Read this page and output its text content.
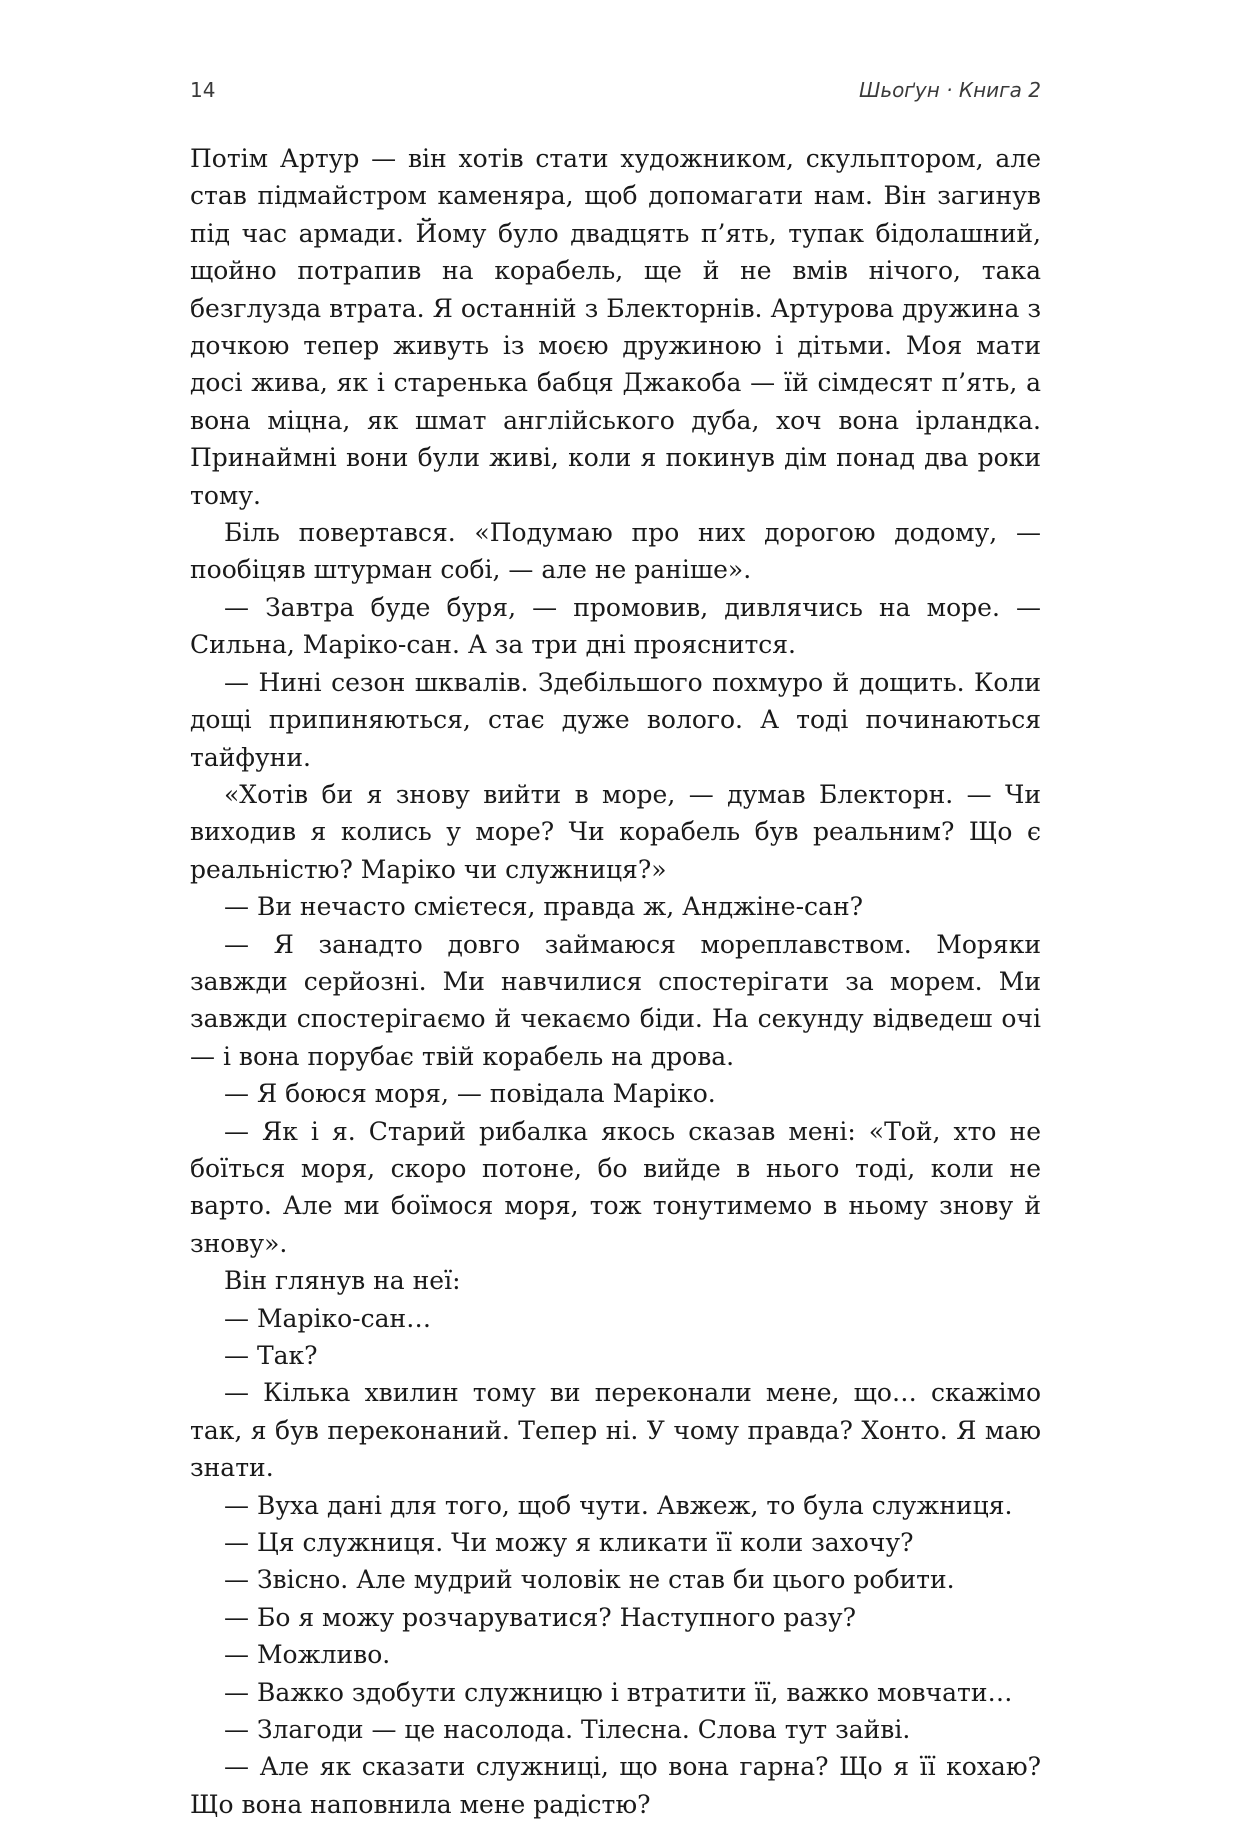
14	Шьоґун · Книга 2

Потім Артур — він хотів стати художником, скульптором, але став підмайстром каменяра, щоб допомагати нам. Він загинув під час армади. Йому було двадцять п’ять, тупак бідолашний, щойно потрапив на корабель, ще й не вмів нічого, така безглузда втрата. Я останній з Блекторнів. Артурова дружина з дочкою тепер живуть із моєю дружиною і дітьми. Моя мати досі жива, як і старенька бабця Джакоба — їй сімдесят п’ять, а вона міцна, як шмат англійського дуба, хоч вона ірландка. Принаймні вони були живі, коли я покинув дім понад два роки тому.

Біль повертався. «Подумаю про них дорогою додому, — пообіцяв штурман собі, — але не раніше».

— Завтра буде буря, — промовив, дивлячись на море. — Сильна, Маріко-сан. А за три дні прояснится.

— Нині сезон шквалів. Здебільшого похмуро й дощить. Коли дощі припиняються, стає дуже волого. А тоді починаються тайфуни.

«Хотів би я знову вийти в море, — думав Блекторн. — Чи виходив я колись у море? Чи корабель був реальним? Що є реальністю? Маріко чи служниця?»

— Ви нечасто смієтеся, правда ж, Анджіне-сан?

— Я занадто довго займаюся мореплавством. Моряки завжди серйозні. Ми навчилися спостерігати за морем. Ми завжди спостерігаємо й чекаємо біди. На секунду відведеш очі — і вона порубає твій корабель на дрова.

— Я боюся моря, — повідала Маріко.

— Як і я. Старий рибалка якось сказав мені: «Той, хто не боїться моря, скоро потоне, бо вийде в нього тоді, коли не варто. Але ми боїмося моря, тож тонутимемо в ньому знову й знову».

Він глянув на неї:

— Маріко-сан…

— Так?

— Кілька хвилин тому ви переконали мене, що… скажімо так, я був переконаний. Тепер ні. У чому правда? Хонто. Я маю знати.

— Вуха дані для того, щоб чути. Авжеж, то була служниця.

— Ця служниця. Чи можу я кликати її коли захочу?

— Звісно. Але мудрий чоловік не став би цього робити.

— Бо я можу розчаруватися? Наступного разу?

— Можливо.

— Важко здобути служницю і втратити її, важко мовчати…

— Злагоди — це насолода. Тілесна. Слова тут зайві.

— Але як сказати служниці, що вона гарна? Що я її кохаю? Що вона наповнила мене радістю?
